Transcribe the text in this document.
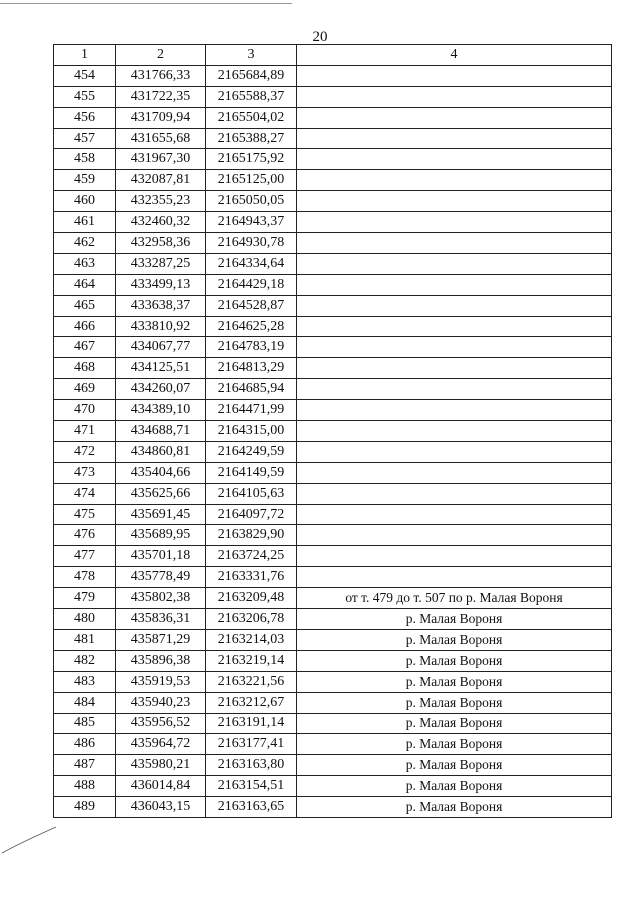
20
1	2	3	4
454	431766,33	2165684,89	
455	431722,35	2165588,37	
456	431709,94	2165504,02	
457	431655,68	2165388,27	
458	431967,30	2165175,92	
459	432087,81	2165125,00	
460	432355,23	2165050,05	
461	432460,32	2164943,37	
462	432958,36	2164930,78	
463	433287,25	2164334,64	
464	433499,13	2164429,18	
465	433638,37	2164528,87	
466	433810,92	2164625,28	
467	434067,77	2164783,19	
468	434125,51	2164813,29	
469	434260,07	2164685,94	
470	434389,10	2164471,99	
471	434688,71	2164315,00	
472	434860,81	2164249,59	
473	435404,66	2164149,59	
474	435625,66	2164105,63	
475	435691,45	2164097,72	
476	435689,95	2163829,90	
477	435701,18	2163724,25	
478	435778,49	2163331,76	
479	435802,38	2163209,48	от т. 479 до т. 507 по р. Малая Вороня
480	435836,31	2163206,78	р. Малая Вороня
481	435871,29	2163214,03	р. Малая Вороня
482	435896,38	2163219,14	р. Малая Вороня
483	435919,53	2163221,56	р. Малая Вороня
484	435940,23	2163212,67	р. Малая Вороня
485	435956,52	2163191,14	р. Малая Вороня
486	435964,72	2163177,41	р. Малая Вороня
487	435980,21	2163163,80	р. Малая Вороня
488	436014,84	2163154,51	р. Малая Вороня
489	436043,15	2163163,65	р. Малая Вороня
